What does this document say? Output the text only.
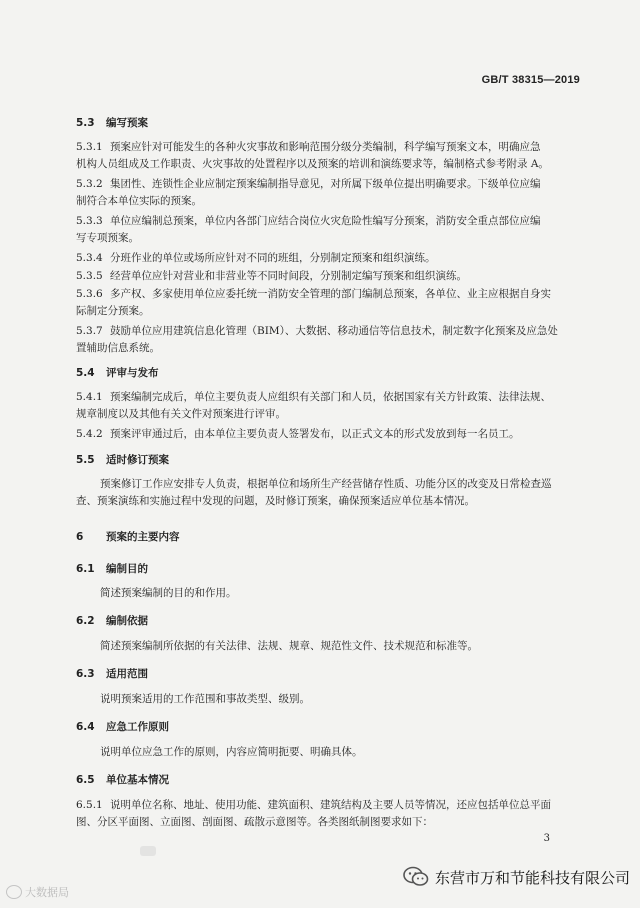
GB/T 38315—2019
5.3 编写预案
5.3.1 预案应针对可能发生的各种火灾事故和影响范围分级分类编制，科学编写预案文本，明确应急
机构人员组成及工作职责、火灾事故的处置程序以及预案的培训和演练要求等，编制格式参考附录 A。
5.3.2 集团性、连锁性企业应制定预案编制指导意见，对所属下级单位提出明确要求。下级单位应编
制符合本单位实际的预案。
5.3.3 单位应编制总预案，单位内各部门应结合岗位火灾危险性编写分预案，消防安全重点部位应编
写专项预案。
5.3.4 分班作业的单位或场所应针对不同的班组，分别制定预案和组织演练。
5.3.5 经营单位应针对营业和非营业等不同时间段，分别制定编写预案和组织演练。
5.3.6 多产权、多家使用单位应委托统一消防安全管理的部门编制总预案，各单位、业主应根据自身实
际制定分预案。
5.3.7 鼓励单位应用建筑信息化管理（BIM）、大数据、移动通信等信息技术，制定数字化预案及应急处
置辅助信息系统。
5.4 评审与发布
5.4.1 预案编制完成后，单位主要负责人应组织有关部门和人员，依据国家有关方针政策、法律法规、
规章制度以及其他有关文件对预案进行评审。
5.4.2 预案评审通过后，由本单位主要负责人签署发布，以正式文本的形式发放到每一名员工。
5.5 适时修订预案
预案修订工作应安排专人负责，根据单位和场所生产经营储存性质、功能分区的改变及日常检查巡
查、预案演练和实施过程中发现的问题，及时修订预案，确保预案适应单位基本情况。
6 预案的主要内容
6.1 编制目的
简述预案编制的目的和作用。
6.2 编制依据
简述预案编制所依据的有关法律、法规、规章、规范性文件、技术规范和标准等。
6.3 适用范围
说明预案适用的工作范围和事故类型、级别。
6.4 应急工作原则
说明单位应急工作的原则，内容应简明扼要、明确具体。
6.5 单位基本情况
6.5.1 说明单位名称、地址、使用功能、建筑面积、建筑结构及主要人员等情况，还应包括单位总平面
图、分区平面图、立面图、剖面图、疏散示意图等。各类图纸制图要求如下：
3
大数据局
东营市万和节能科技有限公司
